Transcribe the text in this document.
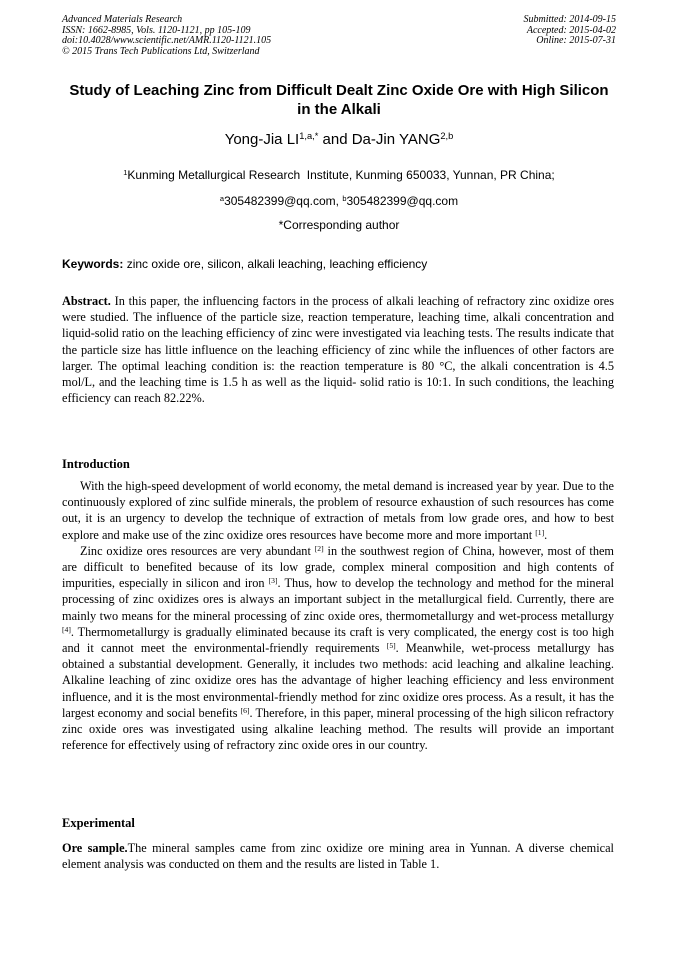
Advanced Materials Research
ISSN: 1662-8985, Vols. 1120-1121, pp 105-109
doi:10.4028/www.scientific.net/AMR.1120-1121.105
© 2015 Trans Tech Publications Ltd, Switzerland
Submitted: 2014-09-15
Accepted: 2015-04-02
Online: 2015-07-31
Study of Leaching Zinc from Difficult Dealt Zinc Oxide Ore with High Silicon in the Alkali
Yong-Jia $LI^{1,a,*}$ and Da-Jin YANG$^{2,b}$
$^1$Kunming Metallurgical Research  Institute, Kunming 650033, Yunnan, PR China;
$^a$305482399@qq.com, $^b$305482399@qq.com
*Corresponding author
Keywords: zinc oxide ore, silicon, alkali leaching, leaching efficiency

Abstract. In this paper, the influencing factors in the process of alkali leaching of refractory zinc oxidize ores were studied. The influence of the particle size, reaction temperature, leaching time, alkali concentration and liquid-solid ratio on the leaching efficiency of zinc were investigated via leaching tests. The results indicate that the particle size has little influence on the leaching efficiency of zinc while the influences of other factors are larger. The optimal leaching condition is: the reaction temperature is 80 °C, the alkali concentration is 4.5 mol/L, and the leaching time is 1.5 h as well as the liquid- solid ratio is 10:1. In such conditions, the leaching efficiency can reach 82.22%.

Introduction

With the high-speed development of world economy, the metal demand is increased year by year. Due to the continuously explored of zinc sulfide minerals, the problem of resource exhaustion of such resources has come out, it is an urgency to develop the technique of extraction of metals from low grade ores, and how to best explore and make use of the zinc oxidize ores resources have become more and more important [1].

Zinc oxidize ores resources are very abundant [2] in the southwest region of China, however, most of them are difficult to benefited because of its low grade, complex mineral composition and high contents of impurities, especially in silicon and iron [3]. Thus, how to develop the technology and method for the mineral processing of zinc oxidizes ores is always an important subject in the metallurgical field. Currently, there are mainly two means for the mineral processing of zinc oxide ores, thermometallurgy and wet-process metallurgy [4]. Thermometallurgy is gradually eliminated because its craft is very complicated, the energy cost is too high and it cannot meet the environmental-friendly requirements [5]. Meanwhile, wet-process metallurgy has obtained a substantial development. Generally, it includes two methods: acid leaching and alkaline leaching. Alkaline leaching of zinc oxidize ores has the advantage of higher leaching efficiency and less environment influence, and it is the most environmental-friendly method for zinc oxidize ores process. As a result, it has the largest economy and social benefits [6]. Therefore, in this paper, mineral processing of the high silicon refractory zinc oxide ores was investigated using alkaline leaching method. The results will provide an important reference for effectively using of refractory zinc oxide ores in our country.

Experimental

Ore sample.The mineral samples came from zinc oxidize ore mining area in Yunnan. A diverse chemical element analysis was conducted on them and the results are listed in Table 1.
